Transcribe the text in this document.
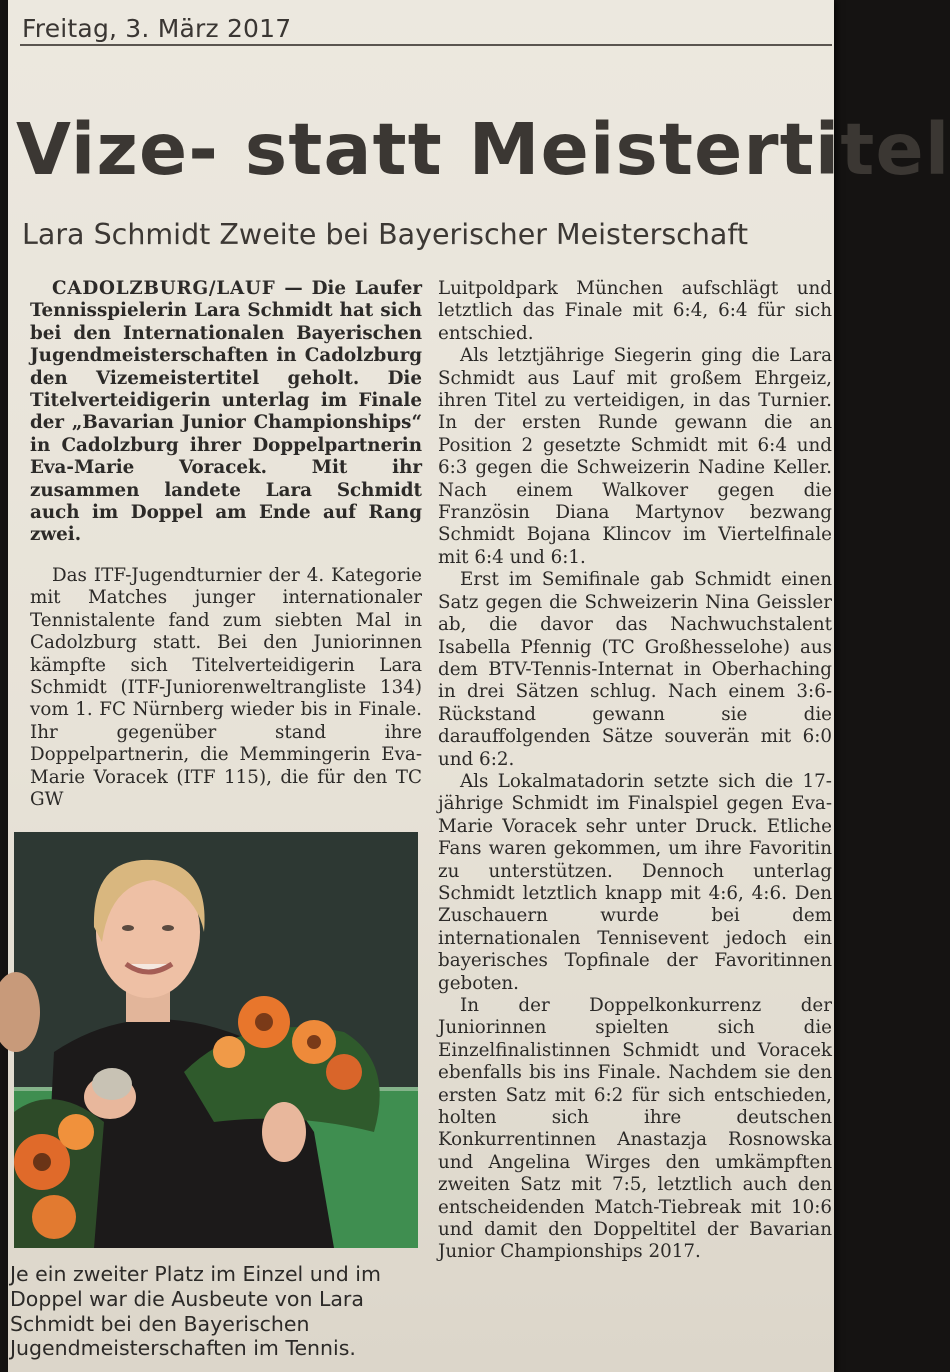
Freitag, 3. März 2017
Vize- statt Meistertitel
Lara Schmidt Zweite bei Bayerischer Meisterschaft

CADOLZBURG/LAUF — Die Laufer Tennisspielerin Lara Schmidt hat sich bei den Internationalen Bayerischen Jugendmeisterschaften in Cadolzburg den Vizemeistertitel geholt. Die Titelverteidigerin unterlag im Finale der „Bavarian Junior Championships“ in Cadolzburg ihrer Doppelpartnerin Eva-Marie Voracek. Mit ihr zusammen landete Lara Schmidt auch im Doppel am Ende auf Rang zwei.

Das ITF-Jugendturnier der 4. Kategorie mit Matches junger internationaler Tennistalente fand zum siebten Mal in Cadolzburg statt. Bei den Juniorinnen kämpfte sich Titelverteidigerin Lara Schmidt (ITF-Juniorenweltrangliste 134) vom 1. FC Nürnberg wieder bis in Finale. Ihr gegenüber stand ihre Doppelpartnerin, die Memmingerin Eva-Marie Voracek (ITF 115), die für den TC GW

Je ein zweiter Platz im Einzel und im Doppel war die Ausbeute von Lara Schmidt bei den Bayerischen Jugendmeisterschaften im Tennis.

Luitpoldpark München aufschlägt und letztlich das Finale mit 6:4, 6:4 für sich entschied.

Als letztjährige Siegerin ging die Lara Schmidt aus Lauf mit großem Ehrgeiz, ihren Titel zu verteidigen, in das Turnier. In der ersten Runde gewann die an Position 2 gesetzte Schmidt mit 6:4 und 6:3 gegen die Schweizerin Nadine Keller. Nach einem Walkover gegen die Französin Diana Martynov bezwang Schmidt Bojana Klincov im Viertelfinale mit 6:4 und 6:1.

Erst im Semifinale gab Schmidt einen Satz gegen die Schweizerin Nina Geissler ab, die davor das Nachwuchstalent Isabella Pfennig (TC Großhesselohe) aus dem BTV-Tennis-Internat in Oberhaching in drei Sätzen schlug. Nach einem 3:6-Rückstand gewann sie die darauffolgenden Sätze souverän mit 6:0 und 6:2.

Als Lokalmatadorin setzte sich die 17-jährige Schmidt im Finalspiel gegen Eva-Marie Voracek sehr unter Druck. Etliche Fans waren gekommen, um ihre Favoritin zu unterstützen. Dennoch unterlag Schmidt letztlich knapp mit 4:6, 4:6. Den Zuschauern wurde bei dem internationalen Tennisevent jedoch ein bayerisches Topfinale der Favoritinnen geboten.

In der Doppelkonkurrenz der Juniorinnen spielten sich die Einzelfinalistinnen Schmidt und Voracek ebenfalls bis ins Finale. Nachdem sie den ersten Satz mit 6:2 für sich entschieden, holten sich ihre deutschen Konkurrentinnen Anastazja Rosnowska und Angelina Wirges den umkämpften zweiten Satz mit 7:5, letztlich auch den entscheidenden Match-Tiebreak mit 10:6 und damit den Doppeltitel der Bavarian Junior Championships 2017.
